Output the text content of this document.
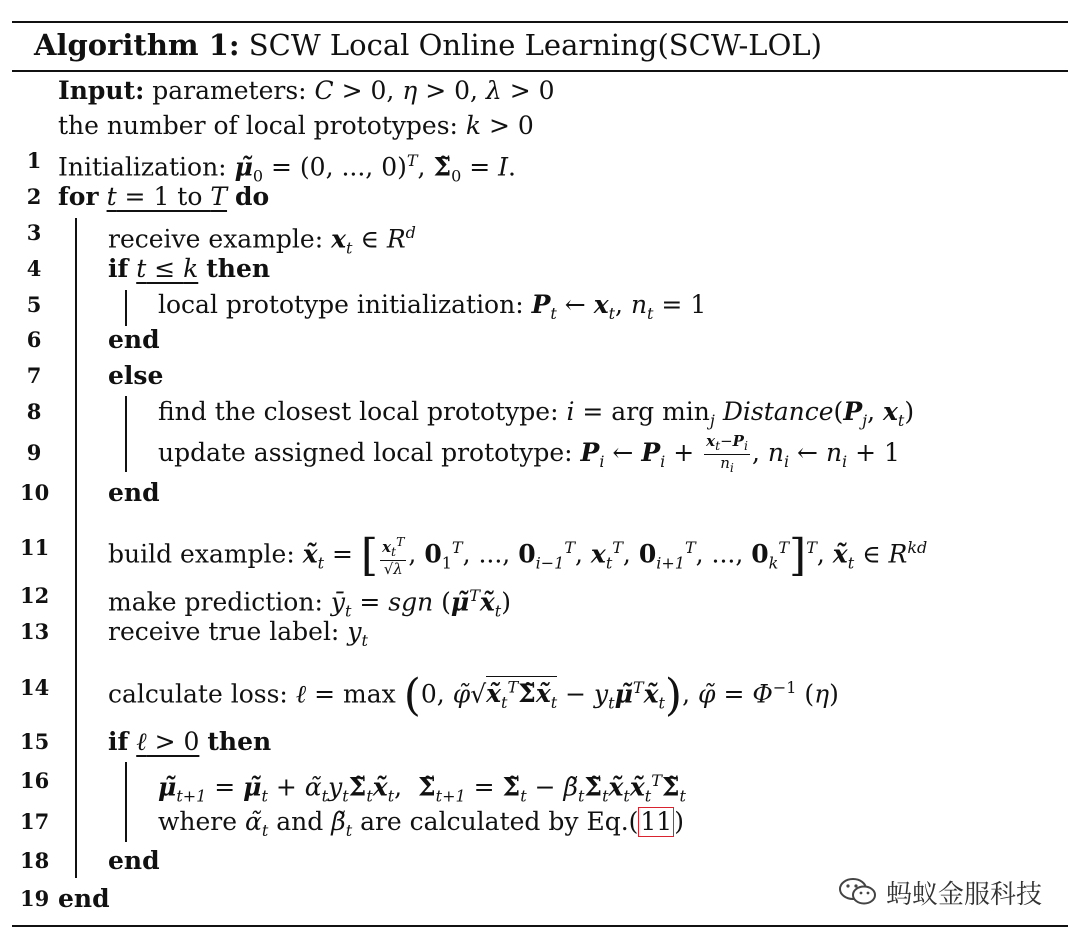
Algorithm 1: SCW Local Online Learning(SCW-LOL)
Input: parameters: C > 0, η > 0, λ > 0
the number of local prototypes: k > 0
1 Initialization: $\mũ_0 = (0$, ..., 0)$^T$, $\Sigmã_0 = I$.
2 for t = 1 to T do
3	receive example: $x_t$ ∈ $R^d$
4	if t ≤ k then
5	local prototype initialization: $P_t$ ← $x_t$, $n_t = 1$
6	end
7	else
8	find the closest local prototype: i = arg $\min_j$ $Distance(P_j$, $x_t$)
9	update assigned local prototype: $P_i$ ← $P_i + \frac{x_t-P_i}{n_i}$ , $n_i$ ← $n_i + 1$
10 end
11 build example: $x̃_t$ = [ $\frac{x_t^T}{√\lambda}$ , $0_1^T$, ..., $0_{i-1}^T$, $x_t^T$, $0_{i+1}^T$, ..., $0_k^T]^T$, $x̃_t$ ∈ $R^{kd}$
12 make prediction: $ȳ_t$ = sgn $(\mũ^Tx̃_t)$
13 receive true label: $y_t$
14 calculate loss: ℓ = max (0, $\varphĩ√x̃_t^T\Sigmãx̃_t$ − $y_t\mũ^Tx̃_t$), φ̃ = $\Phi^{-1}$ (η)
15 if ℓ > 0 then
16	$\mũ_{t+1}$ = $\mũ_t$ + $\alphã_ty_t\Sigmã_tx̃_t$,  $\Sigmã_{t+1}$ = $\Sigmã_t$ − $\betã_t\Sigmã_tx̃_tx̃_t^T\Sigmã_t$
17	where $\alphã_t$ and $\betã_t$ are calculated by Eq.(11)
18 end
19 end	蚂蚁金服科技
